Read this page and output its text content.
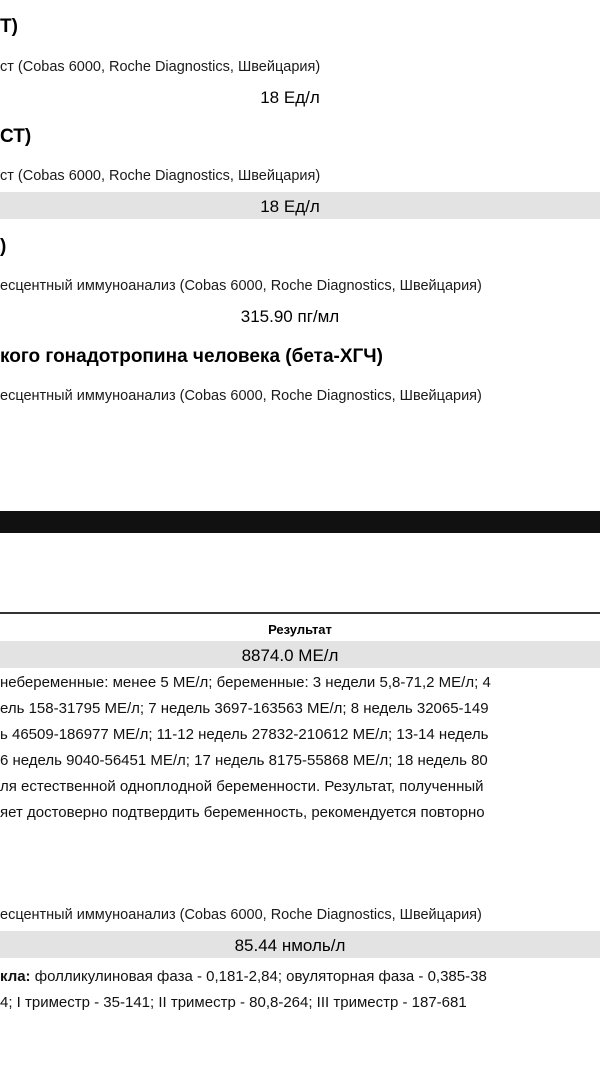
Т)
ст (Cobas 6000, Roche Diagnostics, Швейцария)
18 Ед/л
СТ)
ст (Cobas 6000, Roche Diagnostics, Швейцария)
18 Ед/л
)
есцентный иммуноанализ (Cobas 6000, Roche Diagnostics, Швейцария)
315.90 пг/мл
кого гонадотропина человека (бета-ХГЧ)
есцентный иммуноанализ (Cobas 6000, Roche Diagnostics, Швейцария)
Результат
8874.0 МЕ/л
небеременные: менее 5 МЕ/л; беременные: 3 недели 5,8-71,2 МЕ/л; 4
ель 158-31795 МЕ/л; 7 недель 3697-163563 МЕ/л; 8 недель 32065-149
ь 46509-186977 МЕ/л; 11-12 недель 27832-210612 МЕ/л; 13-14 недель
6 недель 9040-56451 МЕ/л; 17 недель 8175-55868 МЕ/л; 18 недель 80
ля естественной одноплодной беременности. Результат, полученный
яет достоверно подтвердить беременность, рекомендуется повторно
есцентный иммуноанализ (Cobas 6000, Roche Diagnostics, Швейцария)
85.44 нмоль/л
кла: фолликулиновая фаза - 0,181-2,84; овуляторная фаза - 0,385-38
4; I триместр - 35-141; II триместр - 80,8-264; III триместр - 187-681
